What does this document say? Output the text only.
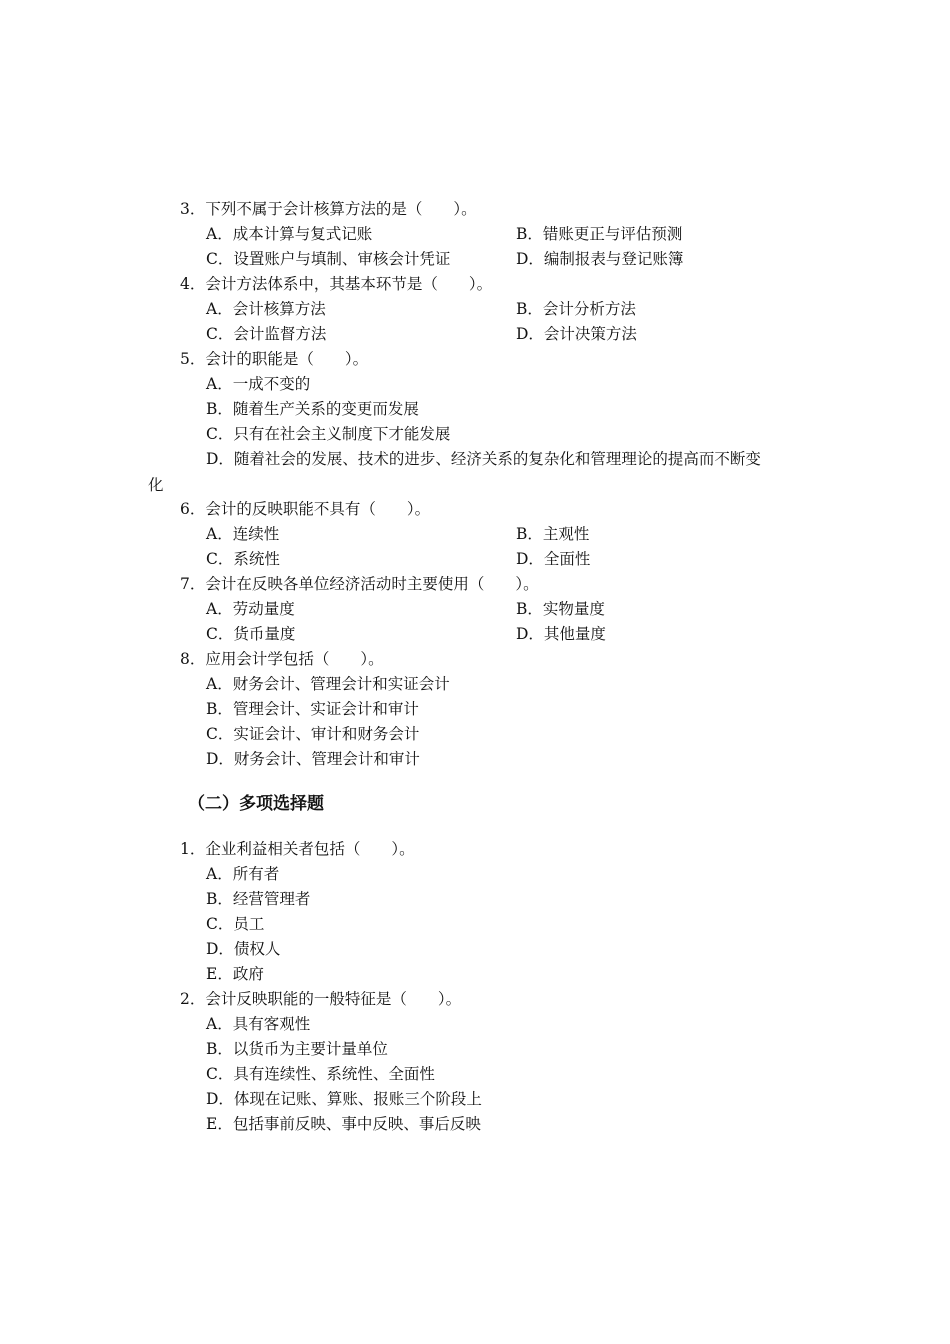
3．下列不属于会计核算方法的是（　　）。
A．成本计算与复式记账	B．错账更正与评估预测
C．设置账户与填制、审核会计凭证	D．编制报表与登记账簿
4．会计方法体系中，其基本环节是（　　）。
A．会计核算方法	B．会计分析方法
C．会计监督方法	D．会计决策方法
5．会计的职能是（　　）。
A．一成不变的
B．随着生产关系的变更而发展
C．只有在社会主义制度下才能发展
D．随着社会的发展、技术的进步、经济关系的复杂化和管理理论的提高而不断变
化
6．会计的反映职能不具有（　　）。
A．连续性	B．主观性
C．系统性	D．全面性
7．会计在反映各单位经济活动时主要使用（　　）。
A．劳动量度	B．实物量度
C．货币量度	D．其他量度
8．应用会计学包括（　　）。
A．财务会计、管理会计和实证会计
B．管理会计、实证会计和审计
C．实证会计、审计和财务会计
D．财务会计、管理会计和审计
（二）多项选择题
1．企业利益相关者包括（　　）。
A．所有者
B．经营管理者
C．员工
D．债权人
E．政府
2．会计反映职能的一般特征是（　　）。
A．具有客观性
B．以货币为主要计量单位
C．具有连续性、系统性、全面性
D．体现在记账、算账、报账三个阶段上
E．包括事前反映、事中反映、事后反映
